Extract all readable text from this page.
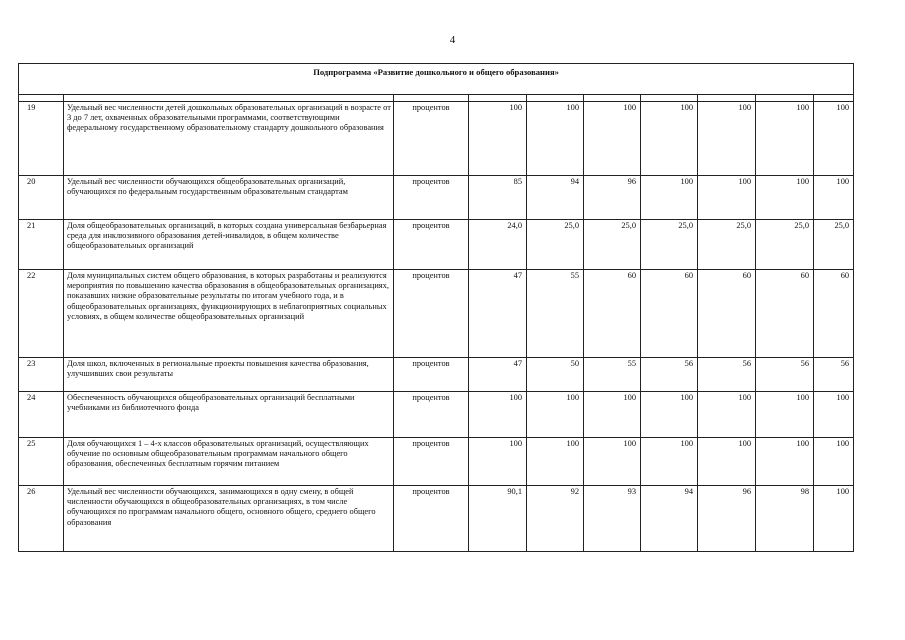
4
Подпрограмма «Развитие дошкольного и общего образования»									

19	Удельный вес численности детей дошкольных образовательных организаций в возрасте от 3 до 7 лет, охваченных образовательными программами, соответствующими федеральному государственному образовательному стандарту дошкольного образования	процентов	100	100	100	100	100	100	100
20	Удельный вес численности обучающихся общеобразовательных организаций, обучающихся по федеральным государственным образовательным стандартам	процентов	85	94	96	100	100	100	100
21	Доля общеобразовательных организаций, в которых создана универсальная безбарьерная среда для инклюзивного образования детей-инвалидов, в общем количестве общеобразовательных организаций	процентов	24,0	25,0	25,0	25,0	25,0	25,0	25,0
22	Доля муниципальных систем общего образования, в которых разработаны и реализуются мероприятия по повышению качества образования в общеобразовательных организациях, показавших низкие образовательные результаты по итогам учебного года, и в общеобразовательных организациях, функционирующих в неблагоприятных социальных условиях, в общем количестве общеобразовательных организаций	процентов	47	55	60	60	60	60	60
23	Доля школ, включенных в региональные проекты повышения качества образования, улучшивших свои результаты	процентов	47	50	55	56	56	56	56
24	Обеспеченность обучающихся общеобразовательных организаций бесплатными учебниками из библиотечного фонда	процентов	100	100	100	100	100	100	100
25	Доля обучающихся 1 – 4-х классов образовательных организаций, осуществляющих обучение по основным общеобразовательным программам начального общего образования, обеспеченных бесплатным горячим питанием	процентов	100	100	100	100	100	100	100
26	Удельный вес численности обучающихся, занимающихся в одну смену, в общей численности обучающихся в общеобразовательных организациях, в том числе обучающихся по программам начального общего, основного общего, среднего общего образования	процентов	90,1	92	93	94	96	98	100
